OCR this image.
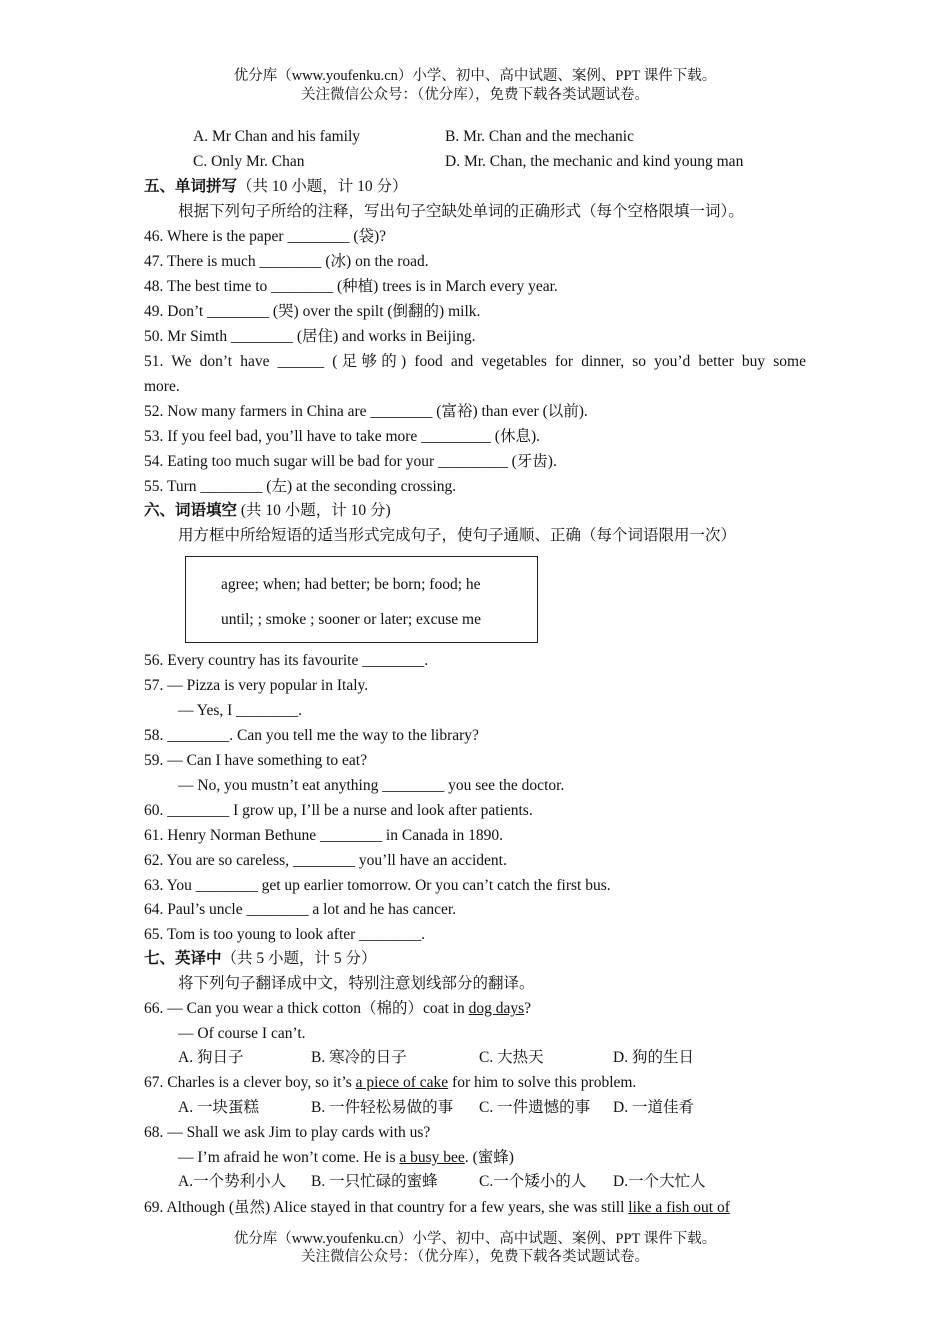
优分库（www.youfenku.cn）小学、初中、高中试题、案例、PPT 课件下载。
关注微信公众号：（优分库），免费下载各类试题试卷。
A. Mr Chan and his family	B. Mr. Chan and the mechanic
C. Only Mr. Chan	D. Mr. Chan, the mechanic and kind young man
五、单词拼写（共 10 小题，计 10 分）
根据下列句子所给的注释，写出句子空缺处单词的正确形式（每个空格限填一词）。
46. Where is the paper ________ (袋)?
47. There is much ________ (冰) on the road.
48. The best time to ________ (种植) trees is in March every year.
49. Don’t ________ (哭) over the spilt (倒翻的) milk.
50. Mr Simth ________ (居住) and works in Beijing.
51. We don’t have ______ (足够的) food and vegetables for dinner, so you’d better buy some
more.
52. Now many farmers in China are ________ (富裕) than ever (以前).
53. If you feel bad, you’ll have to take more _________ (休息).
54. Eating too much sugar will be bad for your _________ (牙齿).
55. Turn ________ (左) at the seconding crossing.
六、词语填空 (共 10 小题，计 10 分)
用方框中所给短语的适当形式完成句子，使句子通顺、正确（每个词语限用一次）
agree; when; had better; be born; food; he
until; ; smoke ; sooner or later; excuse me
56. Every country has its favourite ________.
57. — Pizza is very popular in Italy.
— Yes, I ________.
58. ________. Can you tell me the way to the library?
59. — Can I have something to eat?
— No, you mustn’t eat anything ________ you see the doctor.
60. ________ I grow up, I’ll be a nurse and look after patients.
61. Henry Norman Bethune ________ in Canada in 1890.
62. You are so careless, ________ you’ll have an accident.
63. You ________ get up earlier tomorrow. Or you can’t catch the first bus.
64. Paul’s uncle ________ a lot and he has cancer.
65. Tom is too young to look after ________.
七、英译中（共 5 小题，计 5 分）
将下列句子翻译成中文，特别注意划线部分的翻译。
66. — Can you wear a thick cotton（棉的）coat in dog days?
— Of course I can’t.
A. 狗日子	B. 寒冷的日子	C. 大热天	D. 狗的生日
67. Charles is a clever boy, so it’s a piece of cake for him to solve this problem.
A. 一块蛋糕	B. 一件轻松易做的事 C. 一件遗憾的事 D. 一道佳肴
68. — Shall we ask Jim to play cards with us?
— I’m afraid he won’t come. He is a busy bee. (蜜蜂)
A.一个势利小人 B. 一只忙碌的蜜蜂	C.一个矮小的人 D.一个大忙人
69. Although (虽然) Alice stayed in that country for a few years, she was still like a fish out of
优分库（www.youfenku.cn）小学、初中、高中试题、案例、PPT 课件下载。
关注微信公众号：（优分库），免费下载各类试题试卷。
